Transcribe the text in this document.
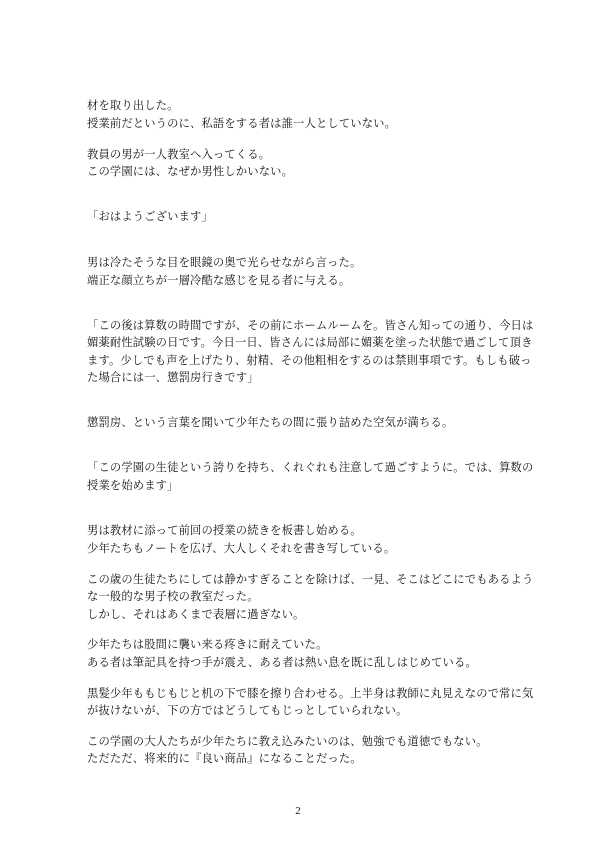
材を取り出した。
授業前だというのに、私語をする者は誰一人としていない。
教員の男が一人教室へ入ってくる。
この学園には、なぜか男性しかいない。
「おはようございます」
男は冷たそうな目を眼鏡の奥で光らせながら言った。
端正な顔立ちが一層冷酷な感じを見る者に与える。
「この後は算数の時間ですが、その前にホームルームを。皆さん知っての通り、今日は
媚薬耐性試験の日です。今日一日、皆さんには局部に媚薬を塗った状態で過ごして頂き
ます。少しでも声を上げたり、射精、その他粗相をするのは禁則事項です。もしも破っ
た場合には一、懲罰房行きです」
懲罰房、という言葉を聞いて少年たちの間に張り詰めた空気が満ちる。
「この学園の生徒という誇りを持ち、くれぐれも注意して過ごすように。では、算数の
授業を始めます」
男は教材に添って前回の授業の続きを板書し始める。
少年たちもノートを広げ、大人しくそれを書き写している。
この歳の生徒たちにしては静かすぎることを除けば、一見、そこはどこにでもあるよう
な一般的な男子校の教室だった。
しかし、それはあくまで表層に過ぎない。
少年たちは股間に襲い来る疼きに耐えていた。
ある者は筆記具を持つ手が震え、ある者は熱い息を既に乱しはじめている。
黒髪少年ももじもじと机の下で膝を擦り合わせる。上半身は教師に丸見えなので常に気
が抜けないが、下の方ではどうしてもじっとしていられない。
この学園の大人たちが少年たちに教え込みたいのは、勉強でも道徳でもない。
ただただ、将来的に『良い商品』になることだった。
2
